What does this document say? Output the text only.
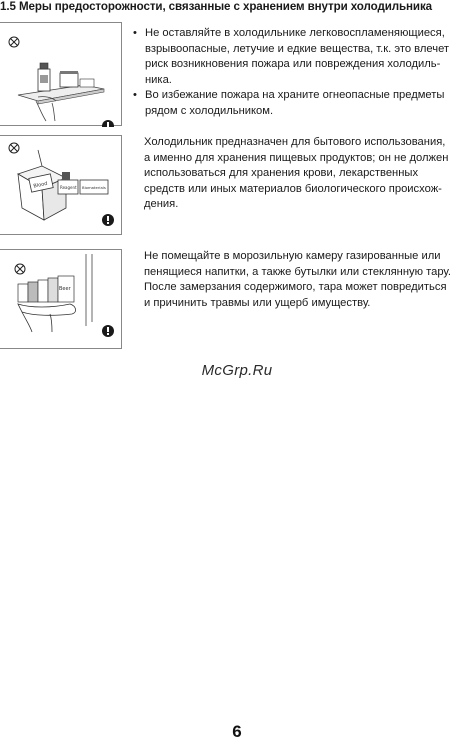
1.5 Меры предосторожности, связанные с хранением внутри холодильника
• Не оставляйте в холодильнике легковоспламеняющиеся,
взрывоопасные, летучие и едкие вещества, т.к. это влечет
риск возникновения пожара или повреждения холодиль-
ника.
• Во избежание пожара на храните огнеопасные предметы
рядом с холодильником.
Blood	Reagent Biomaterials
Холодильник предназначен для бытового использования,
а именно для хранения пищевых продуктов; он не должен
использоваться для хранения крови, лекарственных
средств или иных материалов биологического происхож-
дения.
Beer
Не помещайте в морозильную камеру газированные или
пенящиеся напитки, а также бутылки или стеклянную тару.
После замерзания содержимого, тара может повредиться
и причинить травмы или ущерб имуществу.
McGrp.Ru
6
